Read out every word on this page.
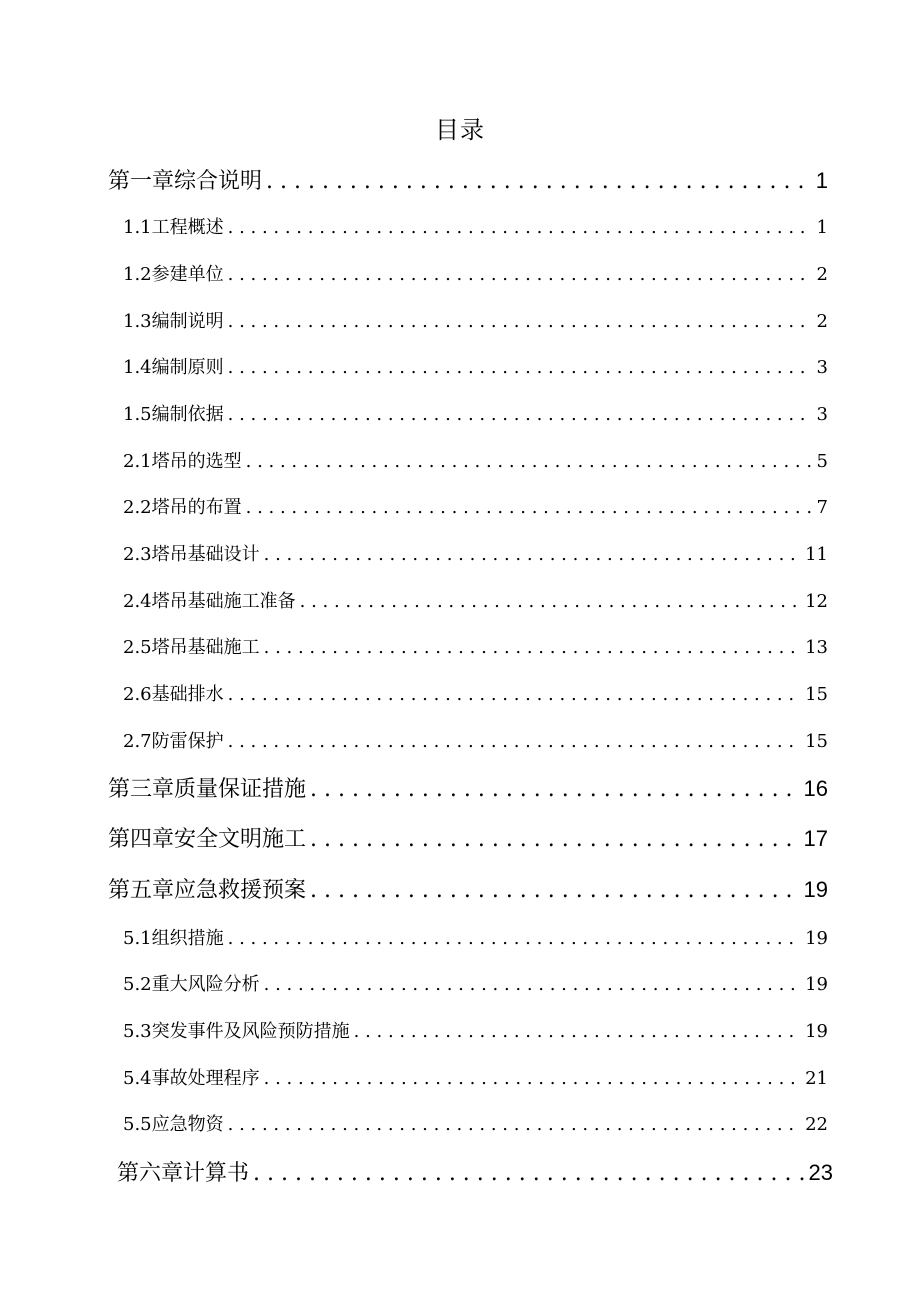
目录
第一章综合说明 . . .	1
1.1 工程概述 . . .	1
1.2 参建单位 . . .	2
1.3 编制说明 . . .	2
1.4 编制原则 . . .	3
1.5 编制依据 . . .	3
2.1 塔吊的选型 . . .	5
2.2 塔吊的布置 . . .	7
2.3 塔吊基础设计 . . .	11
2.4 塔吊基础施工准备 . . .	12
2.5 塔吊基础施工 . . .	13
2.6 基础排水 . . .	15
2.7 防雷保护 . . .	15
第三章质量保证措施 . . .	16
第四章安全文明施工 . . .	17
第五章应急救援预案 . . .	19
5.1 组织措施 . . .	19
5.2 重大风险分析 . . .	19
5.3 突发事件及风险预防措施 . . .	19
5.4 事故处理程序 . . .	21
5.5 应急物资 . . .	22
第六章计算书 . . .	23
